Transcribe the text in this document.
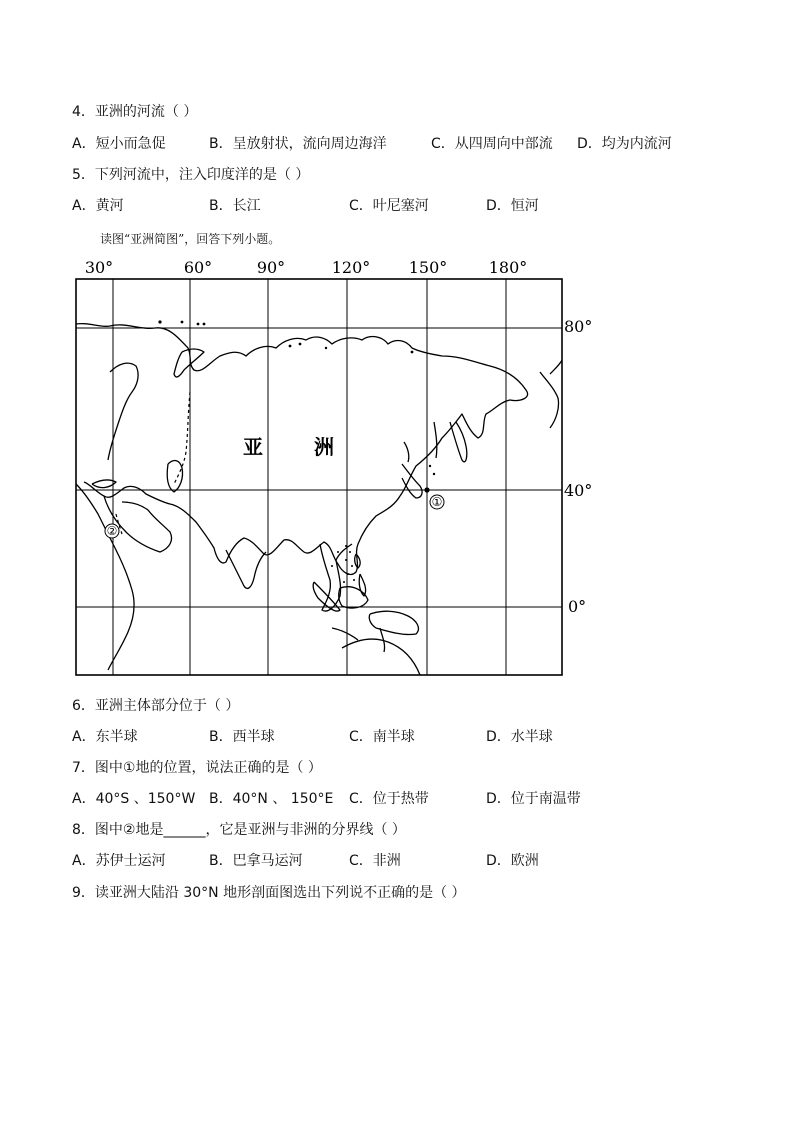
4．亚洲的河流（ ）
A．短小而急促	B．呈放射状，流向周边海洋	C．从四周向中部流 D．均为内流河
5．下列河流中，注入印度洋的是（ ）
A．黄河	B．长江	C．叶尼塞河	D．恒河
读图“亚洲简图”，回答下列小题。
30°	60°	90°	120° 150°	180°
80°
40°
0°
①
②
亚	洲
6．亚洲主体部分位于（ ）
A．东半球	B．西半球	C．南半球	D．水半球
7．图中①地的位置，说法正确的是（ ）
A．40°S 、150°W B．40°N 、 150°E C．位于热带	D．位于南温带
8．图中②地是______，它是亚洲与非洲的分界线（ ）
A．苏伊士运河	B．巴拿马运河	C．非洲	D．欧洲
9．读亚洲大陆沿 30°N 地形剖面图选出下列说不正确的是（ ）
